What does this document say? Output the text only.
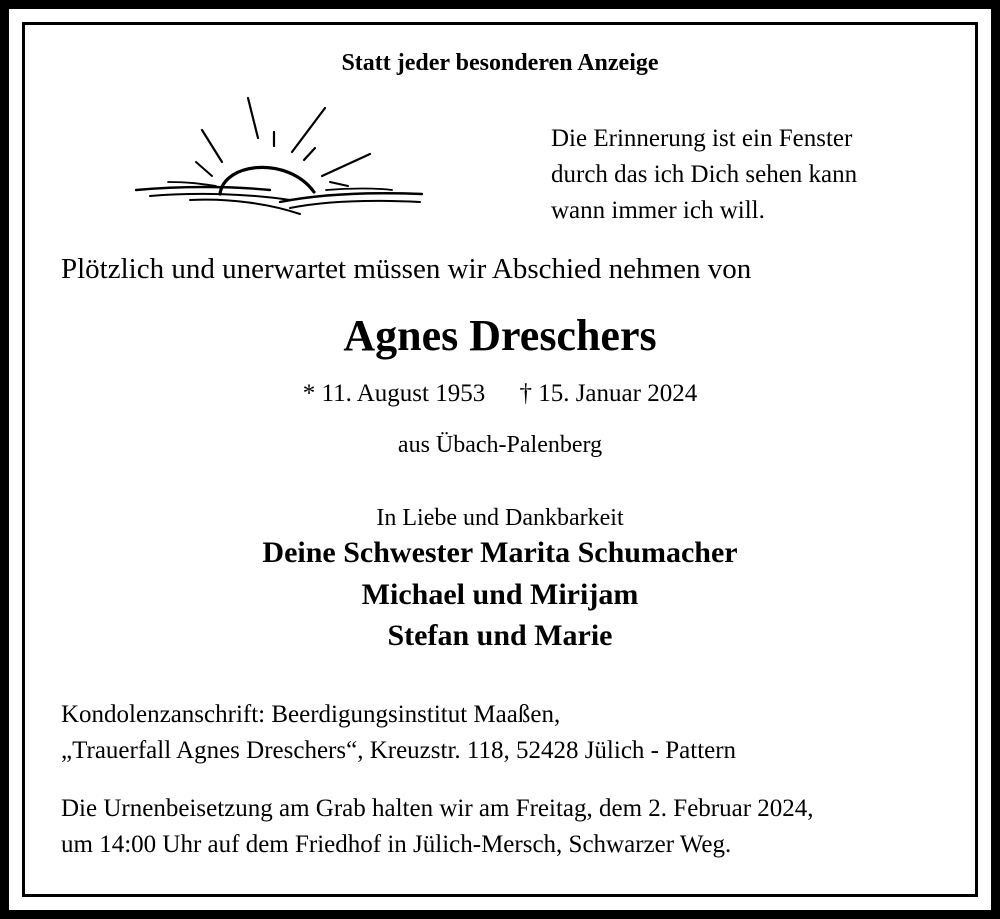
Statt jeder besonderen Anzeige
Die Erinnerung ist ein Fenster
durch das ich Dich sehen kann
wann immer ich will.
Plötzlich und unerwartet müssen wir Abschied nehmen von
Agnes Dreschers
* 11. August 1953 † 15. Januar 2024
aus Übach-Palenberg
In Liebe und Dankbarkeit
Deine Schwester Marita Schumacher
Michael und Mirijam
Stefan und Marie
Kondolenzanschrift: Beerdigungsinstitut Maaßen,
„Trauerfall Agnes Dreschers“, Kreuzstr. 118, 52428 Jülich - Pattern
Die Urnenbeisetzung am Grab halten wir am Freitag, dem 2. Februar 2024,
um 14:00 Uhr auf dem Friedhof in Jülich-Mersch, Schwarzer Weg.
